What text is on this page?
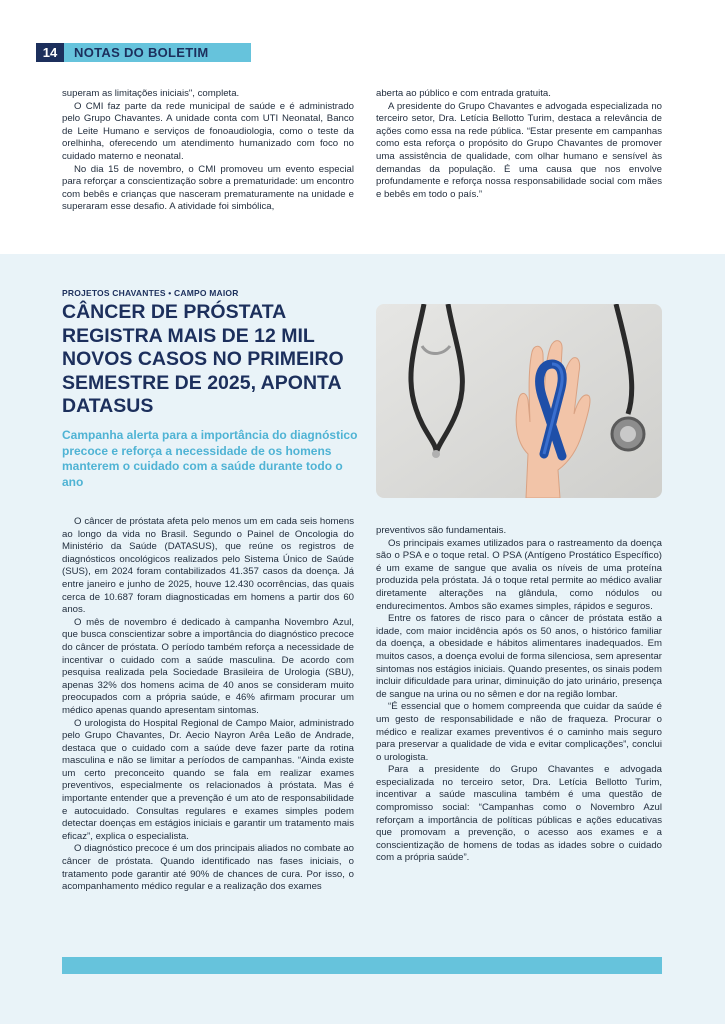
14	NOTAS DO BOLETIM

superam as limitações iniciais", completa.

O CMI faz parte da rede municipal de saúde e é administrado pelo Grupo Chavantes. A unidade conta com UTI Neonatal, Banco de Leite Humano e serviços de fonoaudiologia, como o teste da orelhinha, oferecendo um atendimento humanizado com foco no cuidado materno e neonatal.

No dia 15 de novembro, o CMI promoveu um evento especial para reforçar a conscientização sobre a prematuridade: um encontro com bebês e crianças que nasceram prematuramente na unidade e superaram esse desafio. A atividade foi simbólica,

aberta ao público e com entrada gratuita.

A presidente do Grupo Chavantes e advogada especializada no terceiro setor, Dra. Letícia Bellotto Turim, destaca a relevância de ações como essa na rede pública. “Estar presente em campanhas como esta reforça o propósito do Grupo Chavantes de promover uma assistência de qualidade, com olhar humano e sensível às demandas da população. É uma causa que nos envolve profundamente e reforça nossa responsabilidade social com mães e bebês em todo o país.”

PROJETOS CHAVANTES • CAMPO MAIOR
CÂNCER DE PRÓSTATA REGISTRA MAIS DE 12 MIL NOVOS CASOS NO PRIMEIRO SEMESTRE DE 2025, APONTA DATASUS
Campanha alerta para a importância do diagnóstico precoce e reforça a necessidade de os homens manterem o cuidado com a saúde durante todo o ano

O câncer de próstata afeta pelo menos um em cada seis homens ao longo da vida no Brasil. Segundo o Painel de Oncologia do Ministério da Saúde (DATASUS), que reúne os registros de diagnósticos oncológicos realizados pelo Sistema Único de Saúde (SUS), em 2024 foram contabilizados 41.357 casos da doença. Já entre janeiro e junho de 2025, houve 12.430 ocorrências, das quais cerca de 10.687 foram diagnosticadas em homens a partir dos 60 anos.

O mês de novembro é dedicado à campanha Novembro Azul, que busca conscientizar sobre a importância do diagnóstico precoce do câncer de próstata. O período também reforça a necessidade de incentivar o cuidado com a saúde masculina. De acordo com pesquisa realizada pela Sociedade Brasileira de Urologia (SBU), apenas 32% dos homens acima de 40 anos se consideram muito preocupados com a própria saúde, e 46% afirmam procurar um médico apenas quando apresentam sintomas.

O urologista do Hospital Regional de Campo Maior, administrado pelo Grupo Chavantes, Dr. Aecio Nayron Arêa Leão de Andrade, destaca que o cuidado com a saúde deve fazer parte da rotina masculina e não se limitar a períodos de campanhas. “Ainda existe um certo preconceito quando se fala em realizar exames preventivos, especialmente os relacionados à próstata. Mas é importante entender que a prevenção é um ato de responsabilidade e autocuidado. Consultas regulares e exames simples podem detectar doenças em estágios iniciais e garantir um tratamento mais eficaz”, explica o especialista.

O diagnóstico precoce é um dos principais aliados no combate ao câncer de próstata. Quando identificado nas fases iniciais, o tratamento pode garantir até 90% de chances de cura. Por isso, o acompanhamento médico regular e a realização dos exames

preventivos são fundamentais.

Os principais exames utilizados para o rastreamento da doença são o PSA e o toque retal. O PSA (Antígeno Prostático Específico) é um exame de sangue que avalia os níveis de uma proteína produzida pela próstata. Já o toque retal permite ao médico avaliar diretamente alterações na glândula, como nódulos ou endurecimentos. Ambos são exames simples, rápidos e seguros.

Entre os fatores de risco para o câncer de próstata estão a idade, com maior incidência após os 50 anos, o histórico familiar da doença, a obesidade e hábitos alimentares inadequados. Em muitos casos, a doença evolui de forma silenciosa, sem apresentar sintomas nos estágios iniciais. Quando presentes, os sinais podem incluir dificuldade para urinar, diminuição do jato urinário, presença de sangue na urina ou no sêmen e dor na região lombar.

“É essencial que o homem compreenda que cuidar da saúde é um gesto de responsabilidade e não de fraqueza. Procurar o médico e realizar exames preventivos é o caminho mais seguro para preservar a qualidade de vida e evitar complicações”, conclui o urologista.

Para a presidente do Grupo Chavantes e advogada especializada no terceiro setor, Dra. Letícia Bellotto Turim, incentivar a saúde masculina também é uma questão de compromisso social: “Campanhas como o Novembro Azul reforçam a importância de políticas públicas e ações educativas que promovam a prevenção, o acesso aos exames e a conscientização de homens de todas as idades sobre o cuidado com a própria saúde”.
